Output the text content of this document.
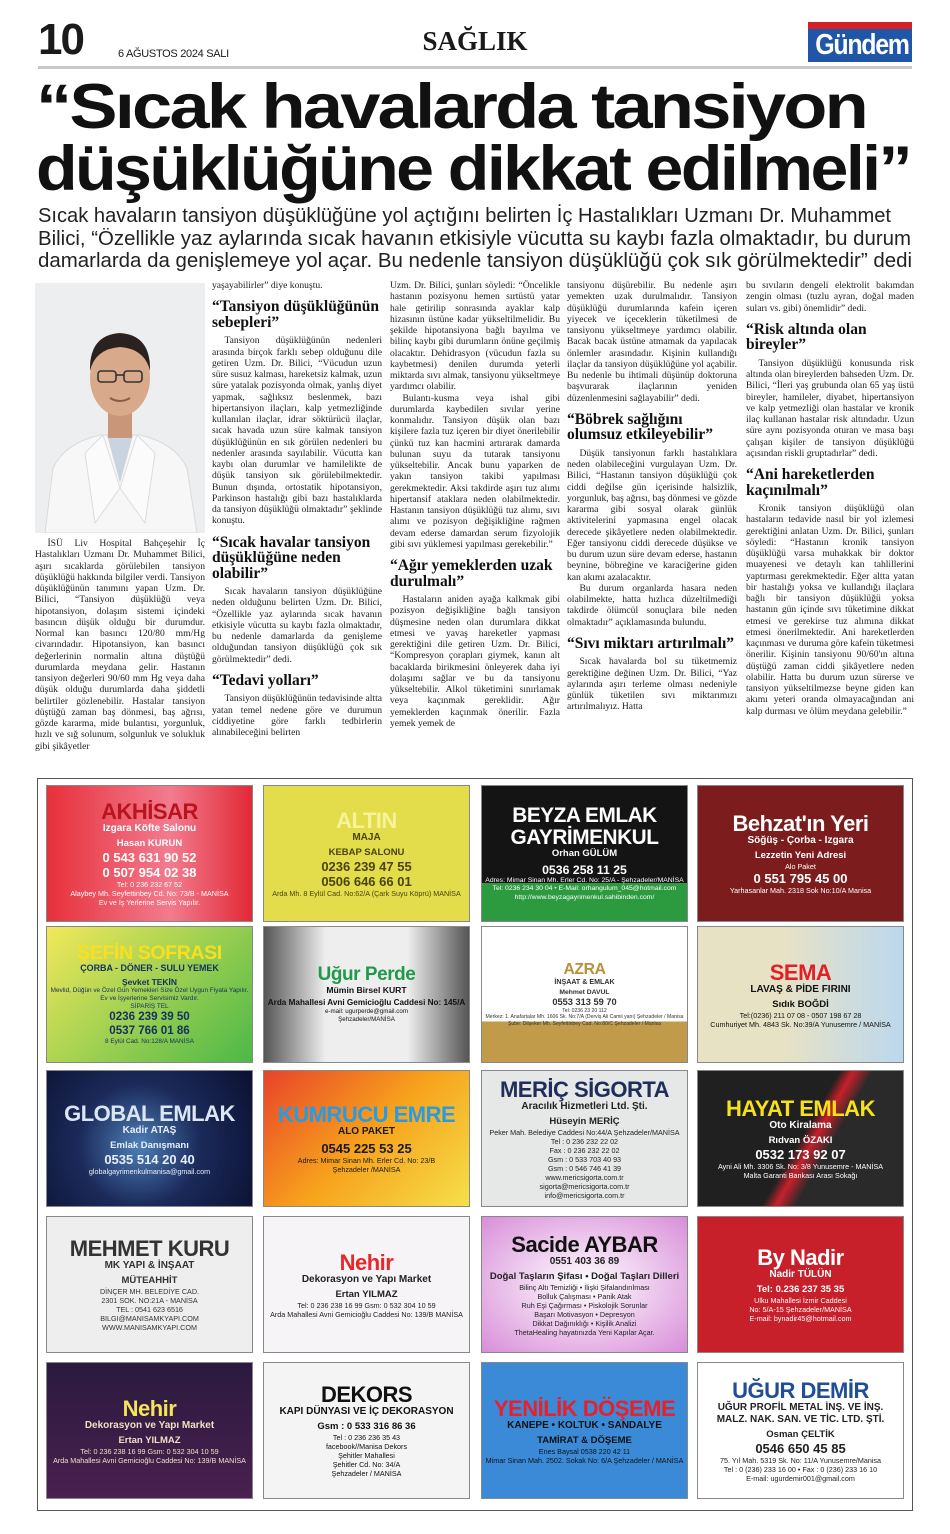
10	6 AĞUSTOS 2024 SALI	SAĞLIK
Manisa'da
Gündem
“Sıcak havalarda tansiyon
düşüklüğüne dikkat edilmeli”
Sıcak havaların tansiyon düşüklüğüne yol açtığını belirten İç Hastalıkları Uzmanı Dr. Muhammet
Bilici, “Özellikle yaz aylarında sıcak havanın etkisiyle vücutta su kaybı fazla olmaktadır, bu durum
damarlarda da genişlemeye yol açar. Bu nedenle tansiyon düşüklüğü çok sık görülmektedir” dedi

İSÜ Liv Hospital Bahçeşehir İç Hastalıkları Uzmanı Dr. Muhammet Bilici, aşırı sıcaklarda görülebilen tansiyon düşüklüğü hakkında bilgiler verdi. Tansiyon düşüklüğünün tanımını yapan Uzm. Dr. Bilici, “Tansiyon düşüklüğü veya hipotansiyon, dolaşım sistemi içindeki basıncın düşük olduğu bir durumdur. Normal kan basıncı 120/80 mm/Hg civarındadır. Hipotansiyon, kan basıncı değerlerinin normalin altına düştüğü durumlarda meydana gelir. Hastanın tansiyon değerleri 90/60 mm Hg veya daha düşük olduğu durumlarda daha şiddetli belirtiler gözlenebilir. Hastalar tansiyon düştüğü zaman baş dönmesi, baş ağrısı, gözde kararma, mide bulantısı, yorgunluk, hızlı ve sığ solunum, solgunluk ve solukluk gibi şikâyetler

yaşayabilirler” diye konuştu.

“Tansiyon düşüklüğünün sebepleri”

Tansiyon düşüklüğünün nedenleri arasında birçok farklı sebep olduğunu dile getiren Uzm. Dr. Bilici, “Vücudun uzun süre susuz kalması, hareketsiz kalmak, uzun süre yatalak pozisyonda olmak, yanlış diyet yapmak, sağlıksız beslenmek, bazı hipertansiyon ilaçları, kalp yetmezliğinde kullanılan ilaçlar, idrar söktürücü ilaçlar, sıcak havada uzun süre kalmak tansiyon düşüklüğünün en sık görülen nedenleri bu nedenler arasında sayılabilir. Vücutta kan kaybı olan durumlar ve hamilelikte de düşük tansiyon sık görülebilmektedir. Bunun dışında, ortostatik hipotansiyon, Parkinson hastalığı gibi bazı hastalıklarda da tansiyon düşüklüğü olmaktadır” şeklinde konuştu.

“Sıcak havalar tansiyon düşüklüğüne neden olabilir”

Sıcak havaların tansiyon düşüklüğüne neden olduğunu belirten Uzm. Dr. Bilici, “Özellikle yaz aylarında sıcak havanın etkisiyle vücutta su kaybı fazla olmaktadır, bu nedenle damarlarda da genişleme olduğundan tansiyon düşüklüğü çok sık görülmektedir” dedi.

“Tedavi yolları”

Tansiyon düşüklüğünün tedavisinde altta yatan temel nedene göre ve durumun ciddiyetine göre farklı tedbirlerin alınabileceğini belirten

Uzm. Dr. Bilici, şunları söyledi: “Öncelikle hastanın pozisyonu hemen sırtüstü yatar hale getirilip sonrasında ayaklar kalp hizasının üstüne kadar yükseltilmelidir. Bu şekilde hipotansiyona bağlı bayılma ve bilinç kaybı gibi durumların önüne geçilmiş olacaktır. Dehidrasyon (vücudun fazla su kaybetmesi) denilen durumda yeterli miktarda sıvı almak, tansiyonu yükseltmeye yardımcı olabilir.

Bulantı-kusma veya ishal gibi durumlarda kaybedilen sıvılar yerine konmalıdır. Tansiyon düşük olan bazı kişilere fazla tuz içeren bir diyet önerilebilir çünkü tuz kan hacmini artırarak damarda bulunan suyu da tutarak tansiyonu yükseltebilir. Ancak bunu yaparken de yakın tansiyon takibi yapılması gerekmektedir. Aksi takdirde aşırı tuz alımı hipertansif ataklara neden olabilmektedir. Hastanın tansiyon düşüklüğü tuz alımı, sıvı alımı ve pozisyon değişikliğine rağmen devam ederse damardan serum fizyolojik gibi sıvı yüklemesi yapılması gerekebilir.”

“Ağır yemeklerden uzak durulmalı”

Hastaların aniden ayağa kalkmak gibi pozisyon değişikliğine bağlı tansiyon düşmesine neden olan durumlara dikkat etmesi ve yavaş hareketler yapması gerektiğini dile getiren Uzm. Dr. Bilici, “Kompresyon çorapları giymek, kanın alt bacaklarda birikmesini önleyerek daha iyi dolaşımı sağlar ve bu da tansiyonu yükseltebilir. Alkol tüketimini sınırlamak veya kaçınmak gereklidir. Ağır yemeklerden kaçınmak önerilir. Fazla yemek yemek de

tansiyonu düşürebilir. Bu nedenle aşırı yemekten uzak durulmalıdır. Tansiyon düşüklüğü durumlarında kafein içeren yiyecek ve içeceklerin tüketilmesi de tansiyonu yükseltmeye yardımcı olabilir. Bacak bacak üstüne atmamak da yapılacak önlemler arasındadır. Kişinin kullandığı ilaçlar da tansiyon düşüklüğüne yol açabilir. Bu nedenle bu ihtimali düşünüp doktoruna başvurarak ilaçlarının yeniden düzenlenmesini sağlayabilir” dedi.

“Böbrek sağlığını olumsuz etkileyebilir”

Düşük tansiyonun farklı hastalıklara neden olabileceğini vurgulayan Uzm. Dr. Bilici, “Hastanın tansiyon düşüklüğü çok ciddi değilse gün içerisinde halsizlik, yorgunluk, baş ağrısı, baş dönmesi ve gözde kararma gibi sosyal olarak günlük aktivitelerini yapmasına engel olacak derecede şikâyetlere neden olabilmektedir. Eğer tansiyonu ciddi derecede düşükse ve bu durum uzun süre devam ederse, hastanın beynine, böbreğine ve karaciğerine giden kan akımı azalacaktır.

Bu durum organlarda hasara neden olabilmekte, hatta hızlıca düzeltilmediği takdirde ölümcül sonuçlara bile neden olmaktadır” açıklamasında bulundu.

“Sıvı miktarı artırılmalı”

Sıcak havalarda bol su tüketmemiz gerektiğine değinen Uzm. Dr. Bilici, “Yaz aylarında aşırı terleme olması nedeniyle günlük tüketilen sıvı miktarımızı artırılmalıyız. Hatta

bu sıvıların dengeli elektrolit bakımdan zengin olması (tuzlu ayran, doğal maden suları vs. gibi) önemlidir” dedi.

“Risk altında olan bireyler”

Tansiyon düşüklüğü konusunda risk altında olan bireylerden bahseden Uzm. Dr. Bilici, “İleri yaş grubunda olan 65 yaş üstü bireyler, hamileler, diyabet, hipertansiyon ve kalp yetmezliği olan hastalar ve kronik ilaç kullanan hastalar risk altındadır. Uzun süre aynı pozisyonda oturan ve masa başı çalışan kişiler de tansiyon düşüklüğü açısından riskli gruptadırlar” dedi.

“Ani hareketlerden kaçınılmalı”

Kronik tansiyon düşüklüğü olan hastaların tedavide nasıl bir yol izlemesi gerektiğini anlatan Uzm. Dr. Bilici, şunları söyledi: “Hastanın kronik tansiyon düşüklüğü varsa muhakkak bir doktor muayenesi ve detaylı kan tahlillerini yaptırması gerekmektedir. Eğer altta yatan bir hastalığı yoksa ve kullandığı ilaçlara bağlı bir tansiyon düşüklüğü yoksa hastanın gün içinde sıvı tüketimine dikkat etmesi ve gerekirse tuz alımına dikkat etmesi önerilmektedir. Ani hareketlerden kaçınması ve duruma göre kafein tüketmesi önerilir. Kişinin tansiyonu 90/60'ın altına düştüğü zaman ciddi şikâyetlere neden olabilir. Hatta bu durum uzun sürerse ve tansiyon yükseltilmezse beyne giden kan akımı yeteri oranda olmayacağından ani kalp durması ve ölüm meydana gelebilir.”

AKHİSAR
Izgara Köfte Salonu
Hasan KURUN
0 543 631 90 52
0 507 954 02 38
Tel: 0 236 232 67 52
Alaybey Mh. Seyfettinbey Cd. No: 73/B - MANİSA
Ev ve İş Yerlerine Servis Yapılır.
ALTIN
MAJA
KEBAP SALONU
0236 239 47 55
0506 646 66 01
Arda Mh. 8 Eylül Cad. No:62/A (Çark Suyu Köprü) MANİSA
BEYZA EMLAK GAYRİMENKUL
Orhan GÜLÜM
0536 258 11 25
Adres: Mimar Sinan Mh. Erler Cd. No: 25/A - Şehzadeler/MANİSA
Tel: 0236 234 30 04 • E-Mail: orhangulum_045@hotmail.com
http://www.beyzagayrimenkul.sahibinden.com/
Behzat'ın Yeri
Söğüş - Çorba - Izgara
Lezzetin Yeni Adresi
Alo Paket
0 551 795 45 00
Yarhasanlar Mah. 2318 Sok No:10/A Manisa
ŞEFİN SOFRASI
ÇORBA - DÖNER - SULU YEMEK
Şevket TEKİN
Mevlid, Düğün ve Özel Gün Yemekleri Size Özel Uygun Fiyata Yapılır.
Ev ve İşyerlerine Servisimiz Vardır.
SİPARİŞ TEL
0236 239 39 50
0537 766 01 86
8 Eylül Cad. No:128/A MANİSA
Uğur Perde
Mümin Birsel KURT
Arda Mahallesi Avni Gemicioğlu Caddesi No: 145/A
e-mail: ugurperde@gmail.com
Şehzadeler/MANİSA
AZRA
İNŞAAT & EMLAK
Mehmet DAVUL
0553 313 59 70
Tel: 0236 23 20 112
Merkez: 1. Anafartalar Mh. 1606 Sk. No:7/A (Derviş Ali Camii yanı) Şehzadeler / Manisa
Şube: Dilşeker Mh. Seyfettinbey Cad. No:80/C Şehzadeler / Manisa
SEMA
LAVAŞ & PİDE FIRINI
Sıdık BOĞDİ
Tel:(0236) 211 07 08 - 0507 198 67 28
Cumhuriyet Mh. 4843 Sk. No:39/A Yunusemre / MANİSA
GLOBAL EMLAK
Kadir ATAŞ
Emlak Danışmanı
0535 514 20 40
globalgayrimenkulmanisa@gmail.com
KUMRUCU EMRE
ALO PAKET
0545 225 53 25
Adres: Mimar Sinan Mh. Erler Cd. No: 23/B
Şehzadeler /MANİSA
MERİÇ SİGORTA
Aracılık Hizmetleri Ltd. Şti.
Hüseyin MERİÇ
Peker Mah. Belediye Caddesi No:44/A Şehzadeler/MANİSA
Tel : 0 236 232 22 02
Fax : 0 236 232 22 02
Gsm : 0 533 703 40 93
Gsm : 0 546 746 41 39
www.mericsigorta.com.tr
sigorta@mericsigorta.com.tr
info@mericsigorta.com.tr
HAYAT EMLAK
Oto Kiralama
Rıdvan ÖZAKI
0532 173 92 07
Ayni Ali Mh. 3306 Sk. No: 3/8 Yunusemre - MANİSA
Malta Garanti Bankası Arası Sokağı
MEHMET KURU
MK YAPI & İNŞAAT
MÜTEAHHİT
DİNÇER MH. BELEDİYE CAD.
2301 SOK. NO:21A - MANİSA
TEL : 0541 623 6516
BILGI@MANISAMKYAPI.COM
WWW.MANISAMKYAPI.COM
Nehir
Dekorasyon ve Yapı Market
Ertan YILMAZ
Tel: 0 236 238 16 99 Gsm: 0 532 304 10 59
Arda Mahallesi Avni Gemicioğlu Caddesi No: 139/B MANİSA
Sacide AYBAR
0551 403 36 89
Doğal Taşların Şifası • Doğal Taşları Dilleri
Bilinç Altı Temizliği • İlişki Şifalandırılması
Bolluk Çalışması • Panik Atak
Ruh Eşi Çağırması • Piskolojik Sorunlar
Başarı Motivasyon • Depresyon
Dikkat Dağınıklığı • Kişilik Analizi
ThetaHealing hayatınızda Yeni Kapılar Açar.
By Nadir
Nadir TÜLÜN
Tel: 0.236 237 35 35
Ulku Mahallesi İzmir Caddesi
No: 5/A-15 Şehzadeler/MANİSA
E-mail: bynadir45@hotmail.com
Nehir
Dekorasyon ve Yapı Market
Ertan YILMAZ
Tel: 0 236 238 16 99 Gsm: 0 532 304 10 59
Arda Mahallesi Avni Gemicioğlu Caddesi No: 139/B MANİSA
DEKORS
KAPI DÜNYASI VE İÇ DEKORASYON
Gsm : 0 533 316 86 36
Tel : 0 236 236 35 43
facebook//Manisa Dekors
Şehitler Mahallesi
Şehitler Cd. No: 34/A
Şehzadeler / MANİSA
YENİLİK DÖŞEME
KANEPE • KOLTUK • SANDALYE
TAMİRAT & DÖŞEME
Enes Baysal 0538 220 42 11
Mimar Sinan Mah. 2502. Sokak No: 6/A Şehzadeler / MANİSA
UĞUR DEMİR
UĞUR PROFİL METAL İNŞ. VE İNŞ. MALZ. NAK. SAN. VE TİC. LTD. ŞTİ.
Osman ÇELTİK
0546 650 45 85
75. Yıl Mah. 5319 Sk. No: 11/A Yunusemre/Manisa
Tel : 0 (236) 233 16 00 • Fax : 0 (236) 233 16 10
E-mail: ugurdemir001@gmail.com
